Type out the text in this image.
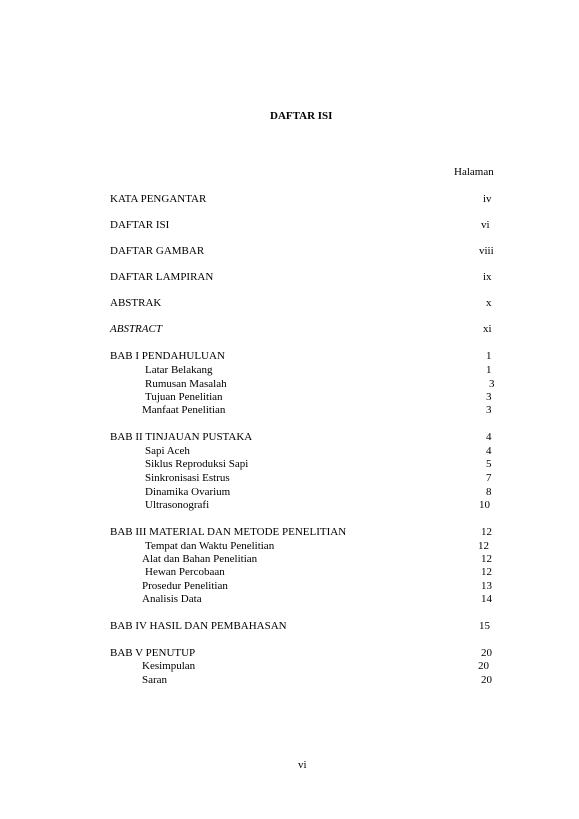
DAFTAR ISI
Halaman
KATA PENGANTAR	iv
DAFTAR ISI	vi
DAFTAR GAMBAR	viii
DAFTAR LAMPIRAN	ix
ABSTRAK	x
ABSTRACT	xi
BAB I PENDAHULUAN	1
Latar Belakang	1
Rumusan Masalah	3
Tujuan Penelitian	3
Manfaat Penelitian	3
BAB II TINJAUAN PUSTAKA	4
Sapi Aceh	4
Siklus Reproduksi Sapi	5
Sinkronisasi Estrus	7
Dinamika Ovarium	8
Ultrasonografi	10
BAB III MATERIAL DAN METODE PENELITIAN	12
Tempat dan Waktu Penelitian	12
Alat dan Bahan Penelitian	12
Hewan Percobaan	12
Prosedur Penelitian	13
Analisis Data	14
BAB IV HASIL DAN PEMBAHASAN	15
BAB V PENUTUP	20
Kesimpulan	20
Saran	20
vi
